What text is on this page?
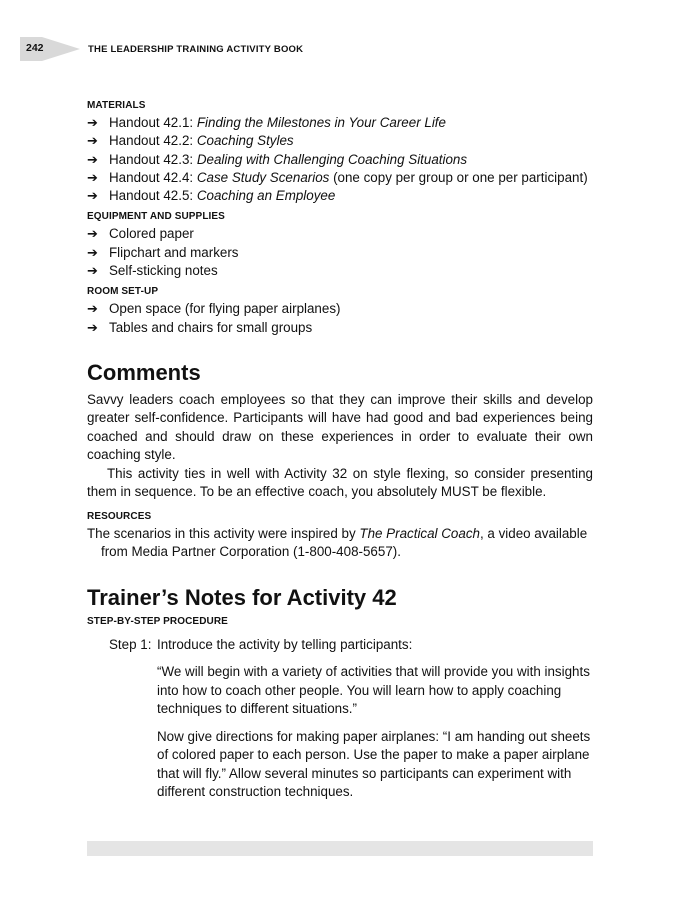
242	THE LEADERSHIP TRAINING ACTIVITY BOOK
MATERIALS
➔ Handout 42.1: Finding the Milestones in Your Career Life
➔ Handout 42.2: Coaching Styles
➔ Handout 42.3: Dealing with Challenging Coaching Situations
➔ Handout 42.4: Case Study Scenarios (one copy per group or one per participant)
➔ Handout 42.5: Coaching an Employee
EQUIPMENT AND SUPPLIES
➔ Colored paper
➔ Flipchart and markers
➔ Self-sticking notes
ROOM SET-UP
➔ Open space (for flying paper airplanes)
➔ Tables and chairs for small groups
Comments

Savvy leaders coach employees so that they can improve their skills and develop greater self-confidence. Participants will have had good and bad experiences being coached and should draw on these experiences in order to evaluate their own coaching style.

This activity ties in well with Activity 32 on style flexing, so consider presenting them in sequence. To be an effective coach, you absolutely MUST be flexible.

RESOURCES

The scenarios in this activity were inspired by The Practical Coach, a video available from Media Partner Corporation (1-800-408-5657).

Trainer’s Notes for Activity 42
STEP-BY-STEP PROCEDURE
Step 1: Introduce the activity by telling participants:
“We will begin with a variety of activities that will provide you with insights into how to coach other people. You will learn how to apply coaching techniques to different situations.”
Now give directions for making paper airplanes: “I am handing out sheets of colored paper to each person. Use the paper to make a paper airplane that will fly.” Allow several minutes so participants can experiment with different construction techniques.
